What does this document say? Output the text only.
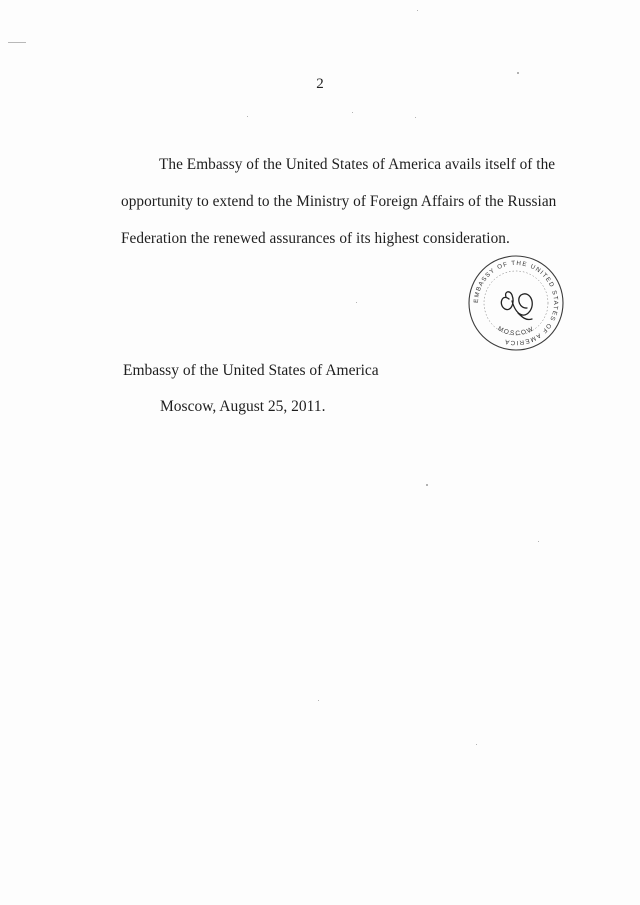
2
The Embassy of the United States of America avails itself of the
opportunity to extend to the Ministry of Foreign Affairs of the Russian
Federation the renewed assurances of its highest consideration.
EMBASSY OF THE UNITED STATES OF AMERICA
MOSCOW
Embassy of the United States of America
Moscow, August 25, 2011.
